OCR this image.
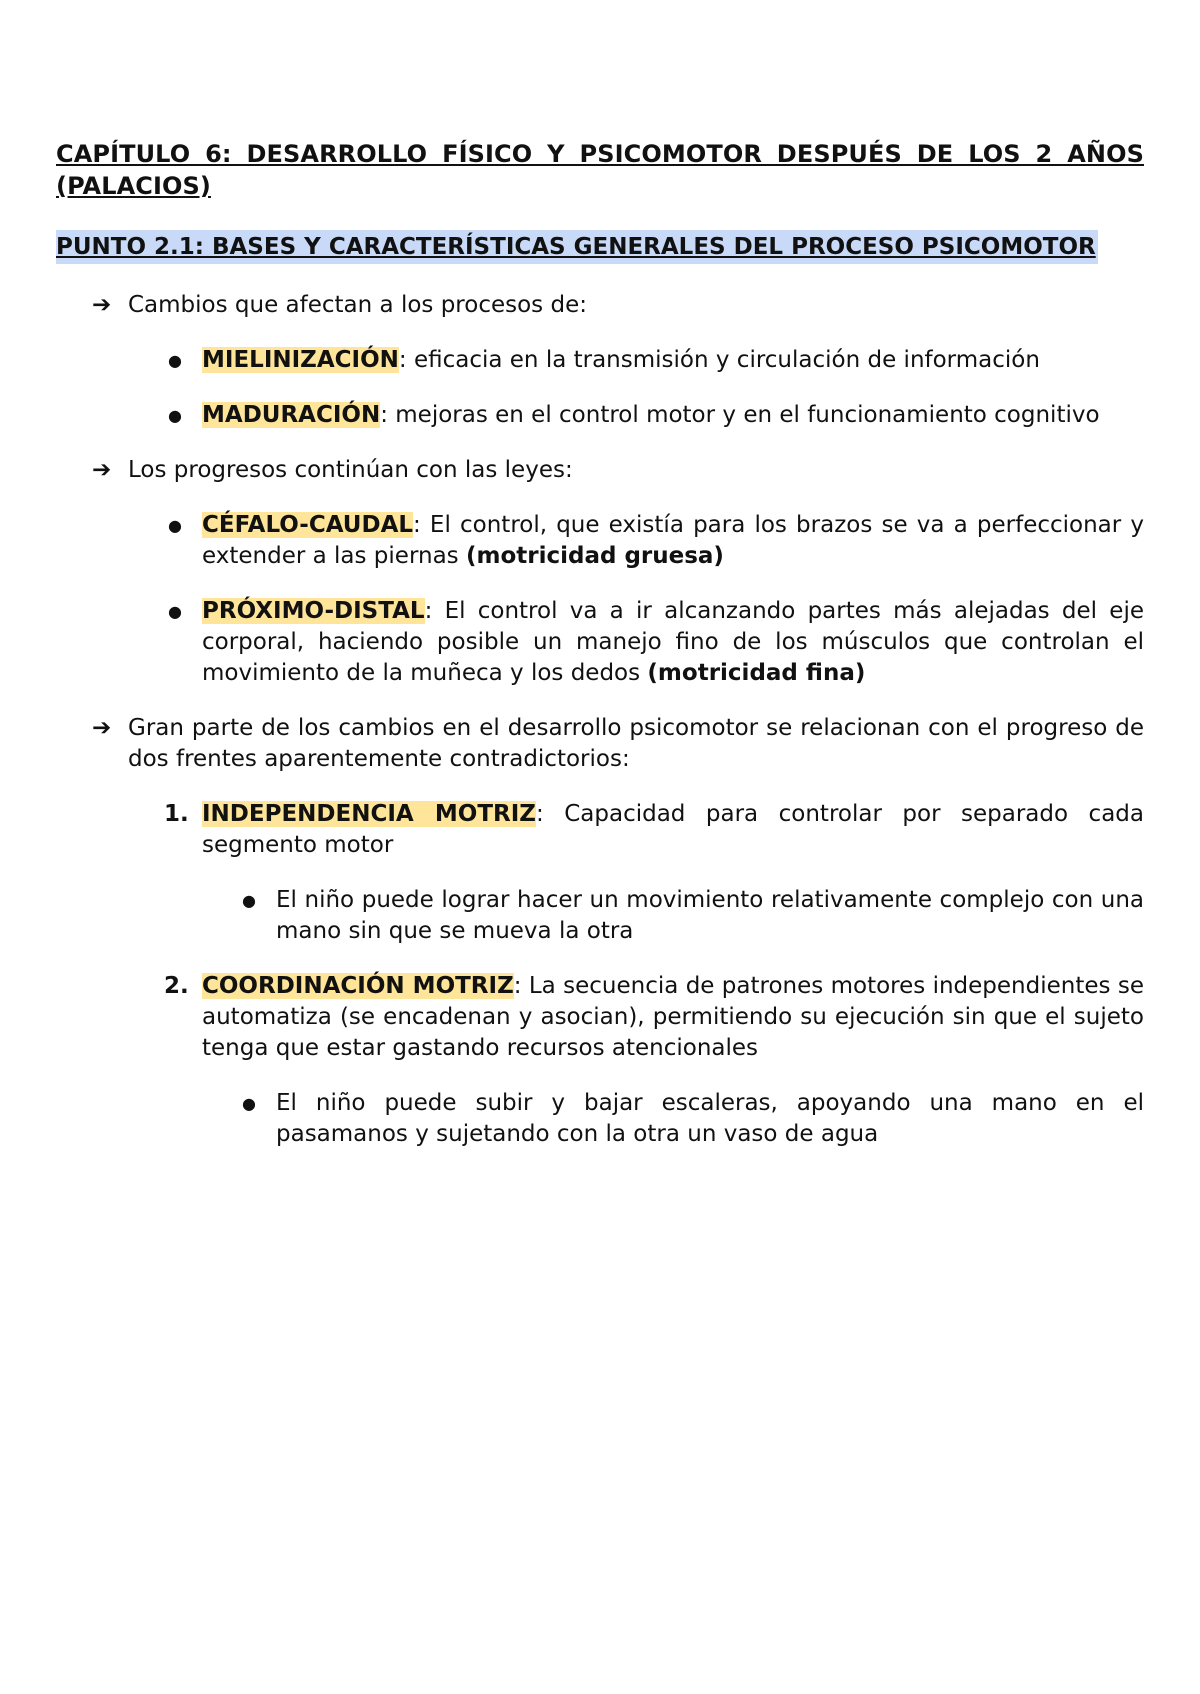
CAPÍTULO 6: DESARROLLO FÍSICO Y PSICOMOTOR DESPUÉS DE LOS 2 AÑOS (PALACIOS)

PUNTO 2.1: BASES Y CARACTERÍSTICAS GENERALES DEL PROCESO PSICOMOTOR
➔ Cambios que afectan a los procesos de:
● MIELINIZACIÓN: eficacia en la transmisión y circulación de información
● MADURACIÓN: mejoras en el control motor y en el funcionamiento cognitivo
➔ Los progresos continúan con las leyes:
● CÉFALO-CAUDAL: El control, que existía para los brazos se va a perfeccionar y extender a las piernas (motricidad gruesa)
● PRÓXIMO-DISTAL: El control va a ir alcanzando partes más alejadas del eje corporal, haciendo posible un manejo fino de los músculos que controlan el movimiento de la muñeca y los dedos (motricidad fina)
➔ Gran parte de los cambios en el desarrollo psicomotor se relacionan con el progreso de dos frentes aparentemente contradictorios:
1. INDEPENDENCIA MOTRIZ: Capacidad para controlar por separado cada segmento motor
● El niño puede lograr hacer un movimiento relativamente complejo con una mano sin que se mueva la otra
2. COORDINACIÓN MOTRIZ: La secuencia de patrones motores independientes se automatiza (se encadenan y asocian), permitiendo su ejecución sin que el sujeto tenga que estar gastando recursos atencionales
● El niño puede subir y bajar escaleras, apoyando una mano en el pasamanos y sujetando con la otra un vaso de agua
